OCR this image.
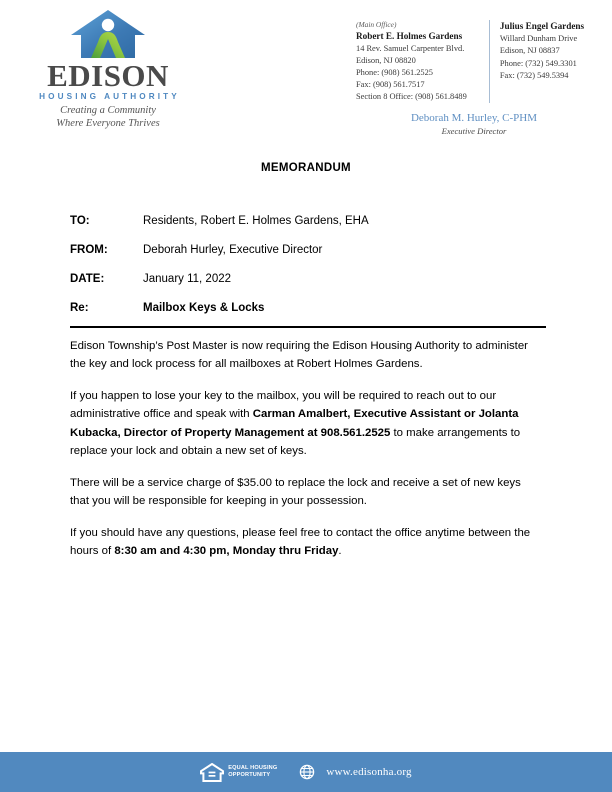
EDISON
HOUSING AUTHORITY
Creating a Community
Where Everyone Thrives
(Main Office)
Robert E. Holmes Gardens
14 Rev. Samuel Carpenter Blvd.
Edison, NJ 08820
Phone: (908) 561.2525
Fax: (908) 561.7517
Section 8 Office: (908) 561.8489
Julius Engel Gardens
Willard Dunham Drive
Edison, NJ 08837
Phone: (732) 549.3301
Fax: (732) 549.5394
Deborah M. Hurley, C-PHM
Executive Director
MEMORANDUM
TO:	Residents, Robert E. Holmes Gardens, EHA
FROM:	Deborah Hurley, Executive Director
DATE:	January 11, 2022
Re:	Mailbox Keys & Locks

Edison Township’s Post Master is now requiring the Edison Housing Authority to administer the key and lock process for all mailboxes at Robert Holmes Gardens.

If you happen to lose your key to the mailbox, you will be required to reach out to our administrative office and speak with Carman Amalbert, Executive Assistant or Jolanta Kubacka, Director of Property Management at 908.561.2525 to make arrangements to replace your lock and obtain a new set of keys.

There will be a service charge of $35.00 to replace the lock and receive a set of new keys that you will be responsible for keeping in your possession.

If you should have any questions, please feel free to contact the office anytime between the hours of 8:30 am and 4:30 pm, Monday thru Friday.

EQUAL HOUSING
OPPORTUNITY	www.edisonha.org
